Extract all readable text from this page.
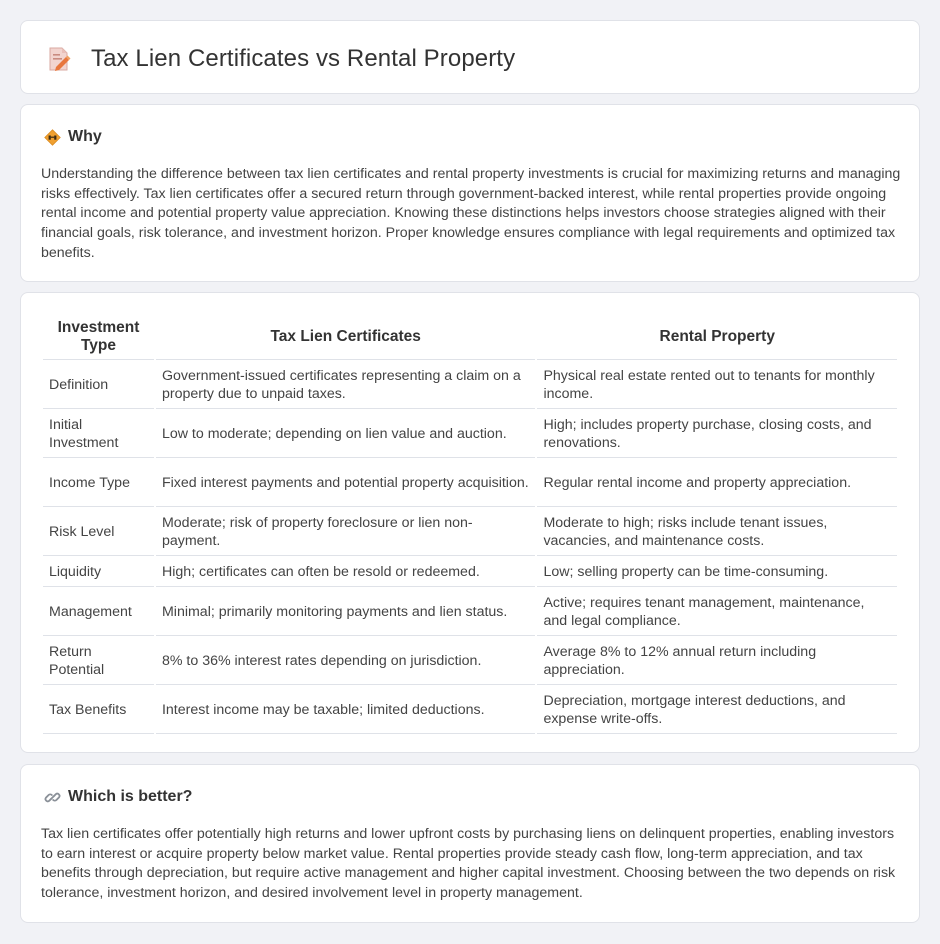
Tax Lien Certificates vs Rental Property
Why

Understanding the difference between tax lien certificates and rental property investments is crucial for maximizing returns and managing risks effectively. Tax lien certificates offer a secured return through government-backed interest, while rental properties provide ongoing rental income and potential property value appreciation. Knowing these distinctions helps investors choose strategies aligned with their financial goals, risk tolerance, and investment horizon. Proper knowledge ensures compliance with legal requirements and optimized tax benefits.

Investment Type	Tax Lien Certificates	Rental Property
Definition	Government-issued certificates representing a claim on a property due to unpaid taxes.	Physical real estate rented out to tenants for monthly income.
Initial Investment	Low to moderate; depending on lien value and auction.	High; includes property purchase, closing costs, and renovations.
Income Type	Fixed interest payments and potential property acquisition.	Regular rental income and property appreciation.
Risk Level	Moderate; risk of property foreclosure or lien non-payment.	Moderate to high; risks include tenant issues, vacancies, and maintenance costs.
Liquidity	High; certificates can often be resold or redeemed.	Low; selling property can be time-consuming.
Management	Minimal; primarily monitoring payments and lien status.	Active; requires tenant management, maintenance, and legal compliance.
Return Potential	8% to 36% interest rates depending on jurisdiction.	Average 8% to 12% annual return including appreciation.
Tax Benefits	Interest income may be taxable; limited deductions.	Depreciation, mortgage interest deductions, and expense write-offs.
Which is better?

Tax lien certificates offer potentially high returns and lower upfront costs by purchasing liens on delinquent properties, enabling investors to earn interest or acquire property below market value. Rental properties provide steady cash flow, long-term appreciation, and tax benefits through depreciation, but require active management and higher capital investment. Choosing between the two depends on risk tolerance, investment horizon, and desired involvement level in property management.
